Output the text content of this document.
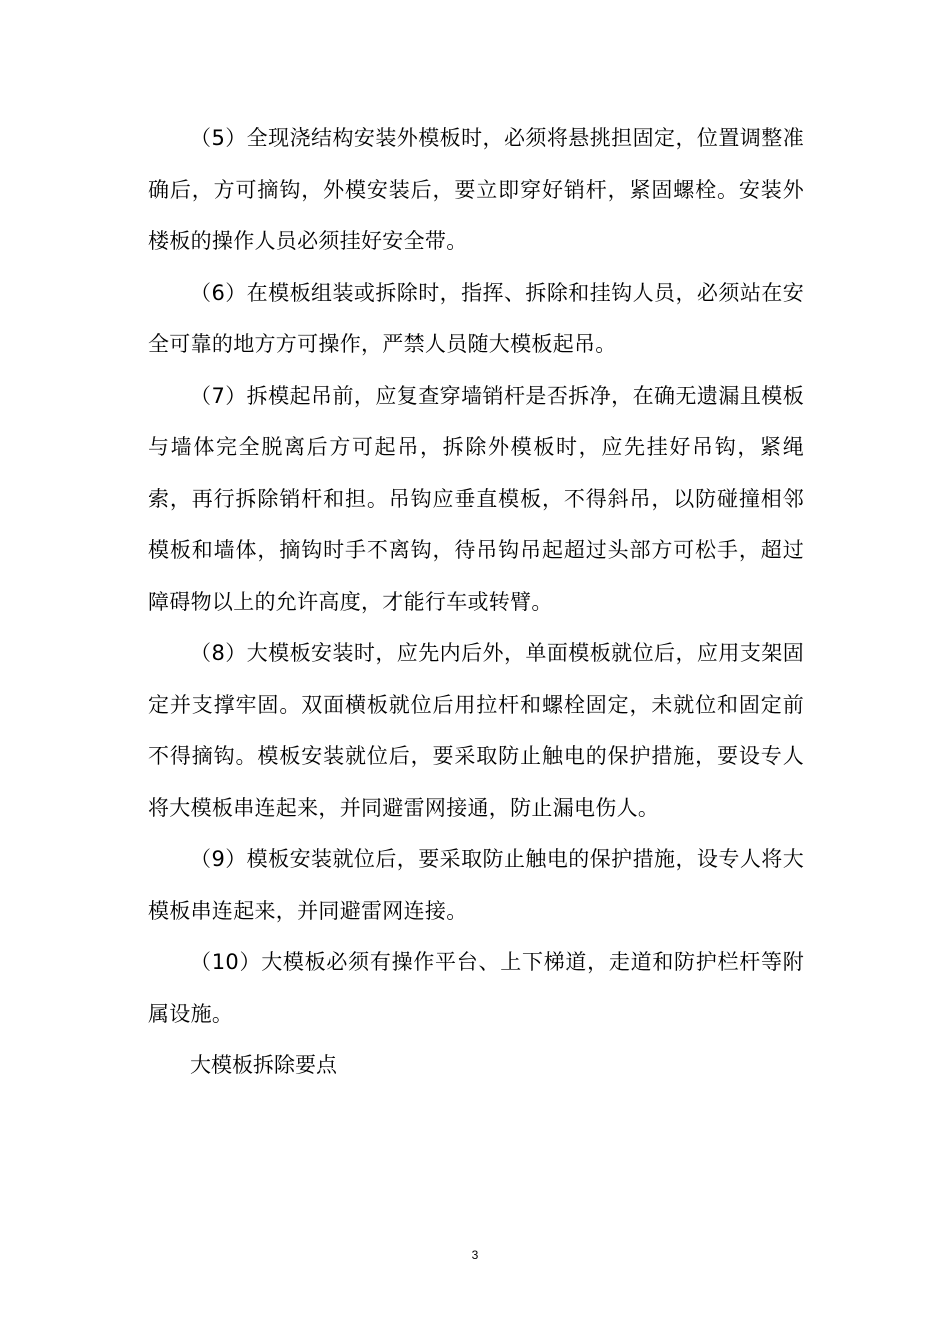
（5）全现浇结构安装外模板时，必须将悬挑担固定，位置调整准确后，方可摘钩，外模安装后，要立即穿好销杆，紧固螺栓。安装外楼板的操作人员必须挂好安全带。

（6）在模板组装或拆除时，指挥、拆除和挂钩人员，必须站在安全可靠的地方方可操作，严禁人员随大模板起吊。

（7）拆模起吊前，应复查穿墙销杆是否拆净，在确无遗漏且模板与墙体完全脱离后方可起吊，拆除外模板时，应先挂好吊钩，紧绳索，再行拆除销杆和担。吊钩应垂直模板，不得斜吊，以防碰撞相邻模板和墙体，摘钩时手不离钩，待吊钩吊起超过头部方可松手，超过障碍物以上的允许高度，才能行车或转臂。

（8）大模板安装时，应先内后外，单面模板就位后，应用支架固定并支撑牢固。双面横板就位后用拉杆和螺栓固定，未就位和固定前不得摘钩。模板安装就位后，要采取防止触电的保护措施，要设专人将大模板串连起来，并同避雷网接通，防止漏电伤人。

（9）模板安装就位后，要采取防止触电的保护措施，设专人将大模板串连起来，并同避雷网连接。

（10）大模板必须有操作平台、上下梯道，走道和防护栏杆等附属设施。

大模板拆除要点

3
